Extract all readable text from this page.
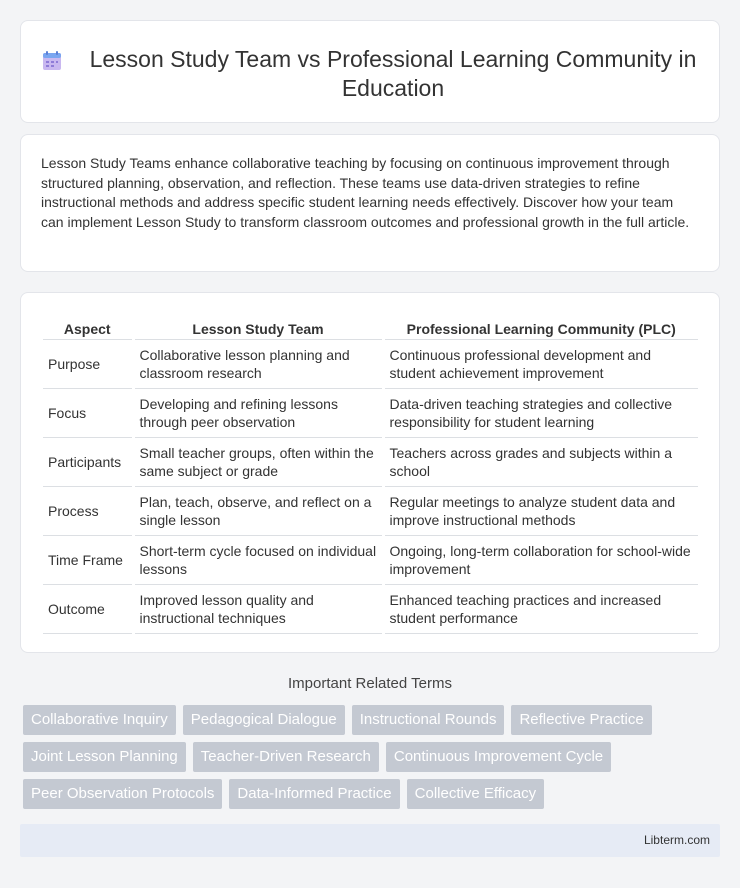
Lesson Study Team vs Professional Learning Community in Education

Lesson Study Teams enhance collaborative teaching by focusing on continuous improvement through structured planning, observation, and reflection. These teams use data-driven strategies to refine instructional methods and address specific student learning needs effectively. Discover how your team can implement Lesson Study to transform classroom outcomes and professional growth in the full article.

Aspect	Lesson Study Team	Professional Learning Community (PLC)
Purpose	Collaborative lesson planning and classroom research	Continuous professional development and student achievement improvement
Focus	Developing and refining lessons through peer observation	Data-driven teaching strategies and collective responsibility for student learning
Participants	Small teacher groups, often within the same subject or grade	Teachers across grades and subjects within a school
Process	Plan, teach, observe, and reflect on a single lesson	Regular meetings to analyze student data and improve instructional methods
Time Frame	Short-term cycle focused on individual lessons	Ongoing, long-term collaboration for school-wide improvement
Outcome	Improved lesson quality and instructional techniques	Enhanced teaching practices and increased student performance
Important Related Terms
Collaborative Inquiry	Pedagogical Dialogue	Instructional Rounds	Reflective Practice
Joint Lesson Planning	Teacher-Driven Research	Continuous Improvement Cycle
Peer Observation Protocols	Data-Informed Practice	Collective Efficacy
Libterm.com
